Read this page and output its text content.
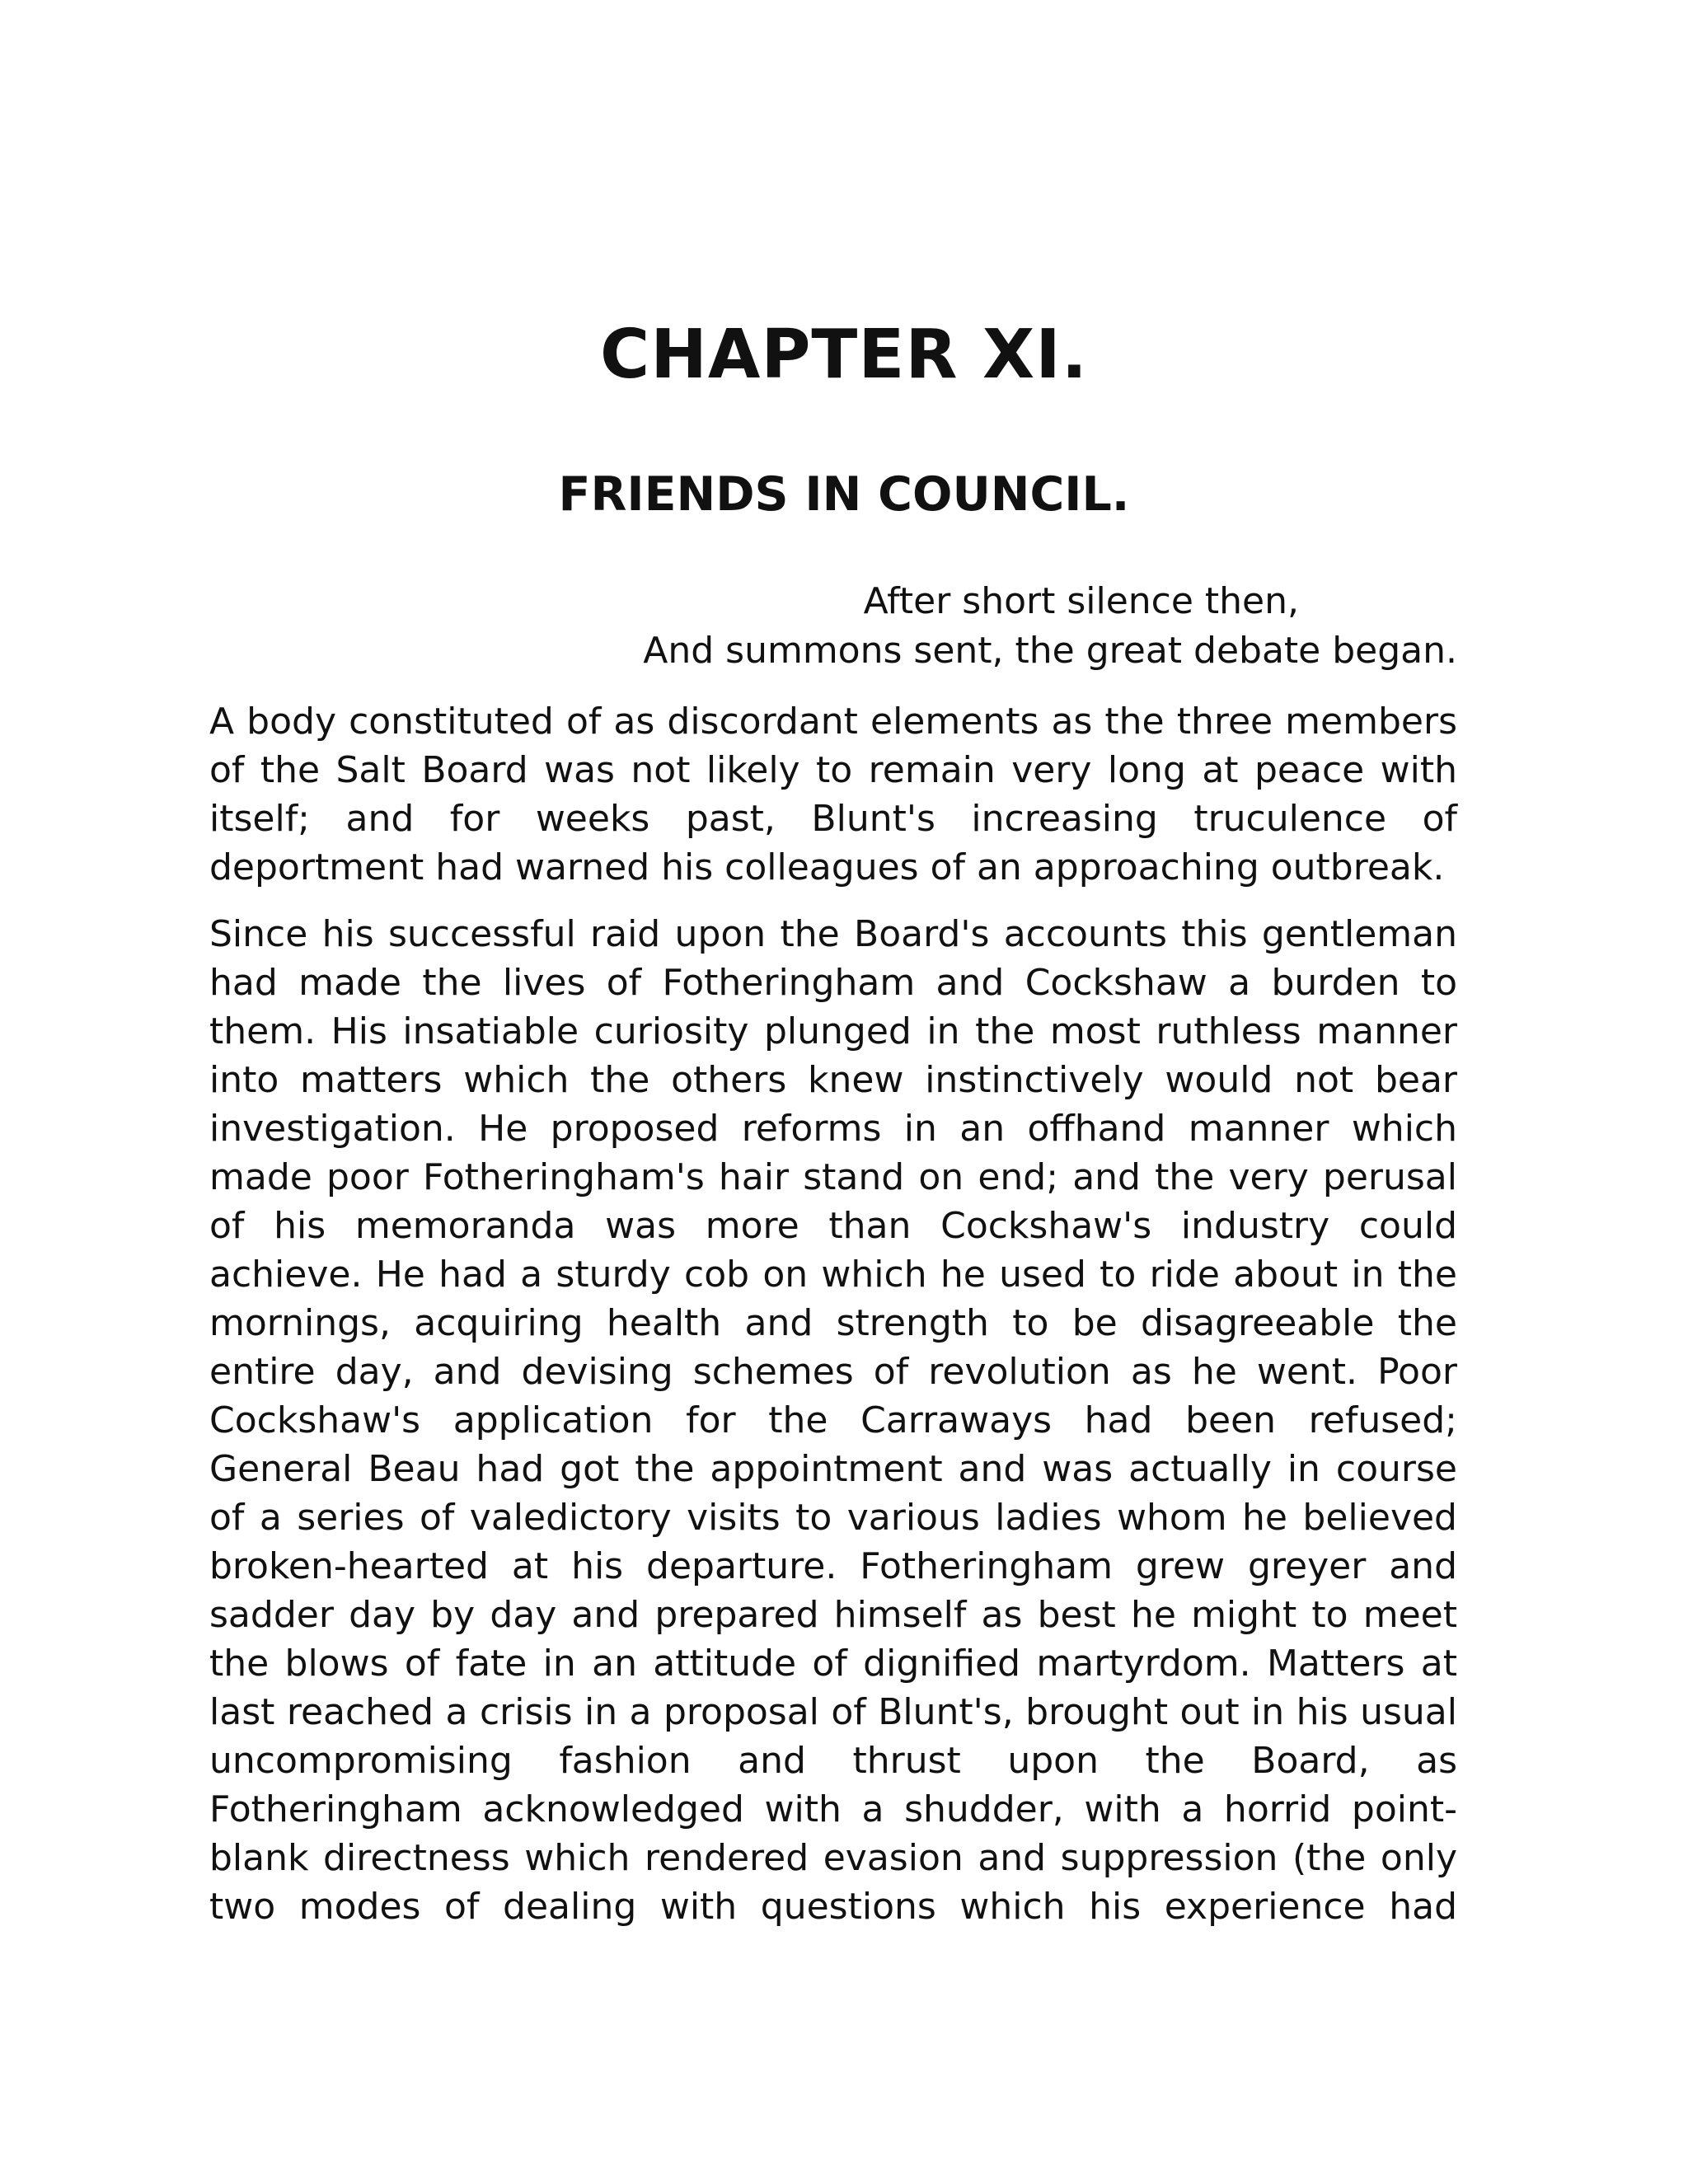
CHAPTER XI.
FRIENDS IN COUNCIL.
After short silence then,
And summons sent, the great debate began.

A body constituted of as discordant elements as the three members of the Salt Board was not likely to remain very long at peace with itself; and for weeks past, Blunt's increasing truculence of deportment had warned his colleagues of an approaching outbreak.

Since his successful raid upon the Board's accounts this gentleman had made the lives of Fotheringham and Cockshaw a burden to them. His insatiable curiosity plunged in the most ruthless manner into matters which the others knew instinctively would not bear investigation. He proposed reforms in an offhand manner which made poor Fotheringham's hair stand on end; and the very perusal of his memoranda was more than Cockshaw's industry could achieve. He had a sturdy cob on which he used to ride about in the mornings, acquiring health and strength to be disagreeable the entire day, and devising schemes of revolution as he went. Poor Cockshaw's application for the Carraways had been refused; General Beau had got the appointment and was actually in course of a series of valedictory visits to various ladies whom he believed broken-hearted at his departure. Fotheringham grew greyer and sadder day by day and prepared himself as best he might to meet the blows of fate in an attitude of dignified martyrdom. Matters at last reached a crisis in a proposal of Blunt's, brought out in his usual uncompromising fashion and thrust upon the Board, as Fotheringham acknowledged with a shudder, with a horrid point-blank directness which rendered evasion and suppression (the only two modes of dealing with questions which his experience had
